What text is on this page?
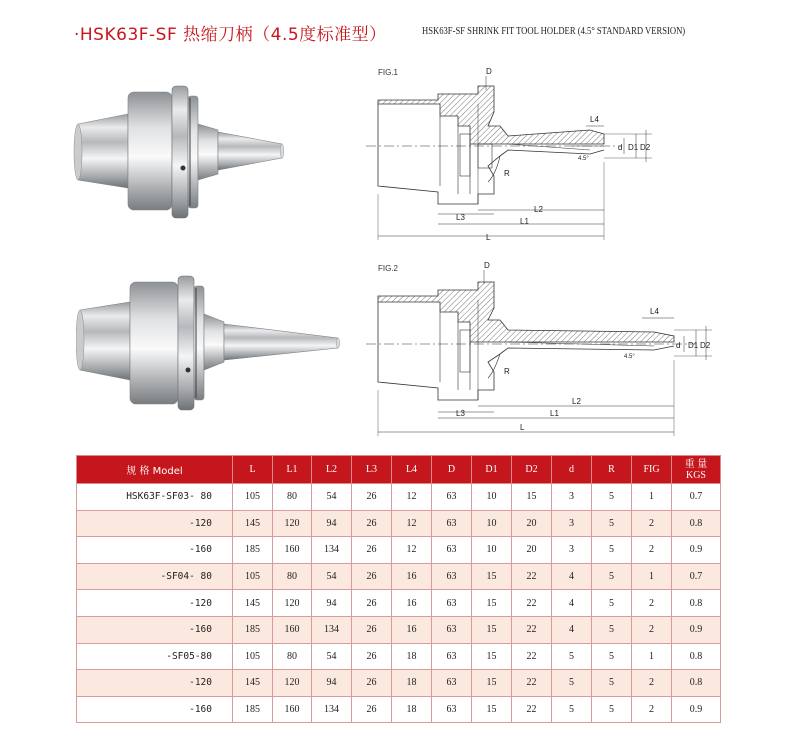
·HSK63F-SF 热缩刀柄（4.5度标准型）	HSK63F-SF SHRINK FIT TOOL HOLDER (4.5° STANDARD VERSION)
FIG.1	D
d D1 D2
4.5°
L4
R
L3
L2
L1
L
FIG.2	D
d D1 D2
4.5°
L4
R
L3
L2
L1
L
规 格 Model	L	L1	L2	L3	L4	D	D1	D2	d	R	FIG	重 量
KGS

HSK63F-SF03- 80	105	80	54	26	12	63	10	15	3	5	1	0.7
-120	145	120	94	26	12	63	10	20	3	5	2	0.8
-160	185	160	134	26	12	63	10	20	3	5	2	0.9
-SF04- 80	105	80	54	26	16	63	15	22	4	5	1	0.7
-120	145	120	94	26	16	63	15	22	4	5	2	0.8
-160	185	160	134	26	16	63	15	22	4	5	2	0.9
-SF05-80	105	80	54	26	18	63	15	22	5	5	1	0.8
-120	145	120	94	26	18	63	15	22	5	5	2	0.8
-160	185	160	134	26	18	63	15	22	5	5	2	0.9
